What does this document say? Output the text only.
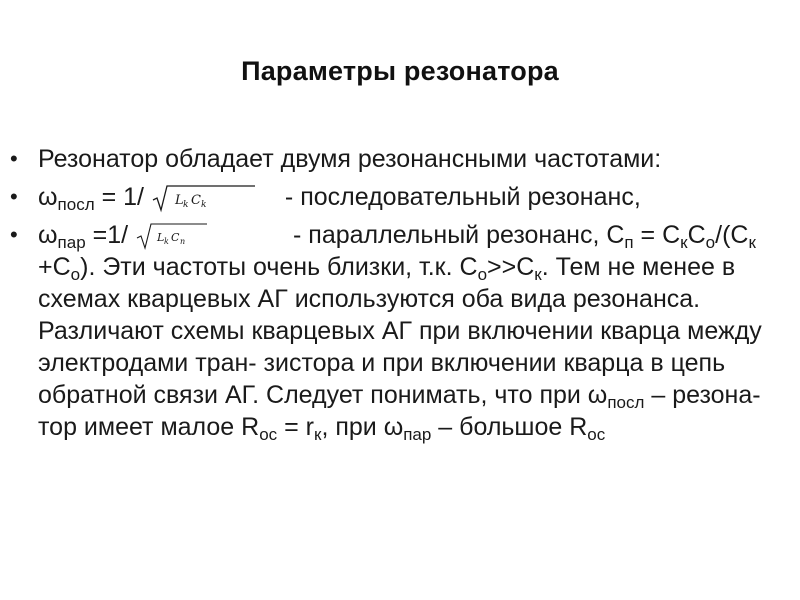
Параметры резонатора
• Резонатор обладает двумя резонансными частотами:
• $\omega_{посл} = 1/$ L k C k	- последовательный резонанс,
• $\omega_{пар} =1/$	L k C п	- параллельный резонанс, $С_п = С_кС_о/(С_к +С_о)$. Эти частоты очень близки, т.к. $С_о>>С_к$. Тем не менее в схемах кварцевых АГ используются оба вида резонанса. Различают схемы кварцевых АГ при включении кварца между электродами тран- зистора и при включении кварца в цепь обратной связи АГ. Следует понимать, что при $\omega_{посл}$ – резона- тор имеет малое $R_{ос} = r_к$, при $\omega_{пар}$ – большое $R_{ос}$
